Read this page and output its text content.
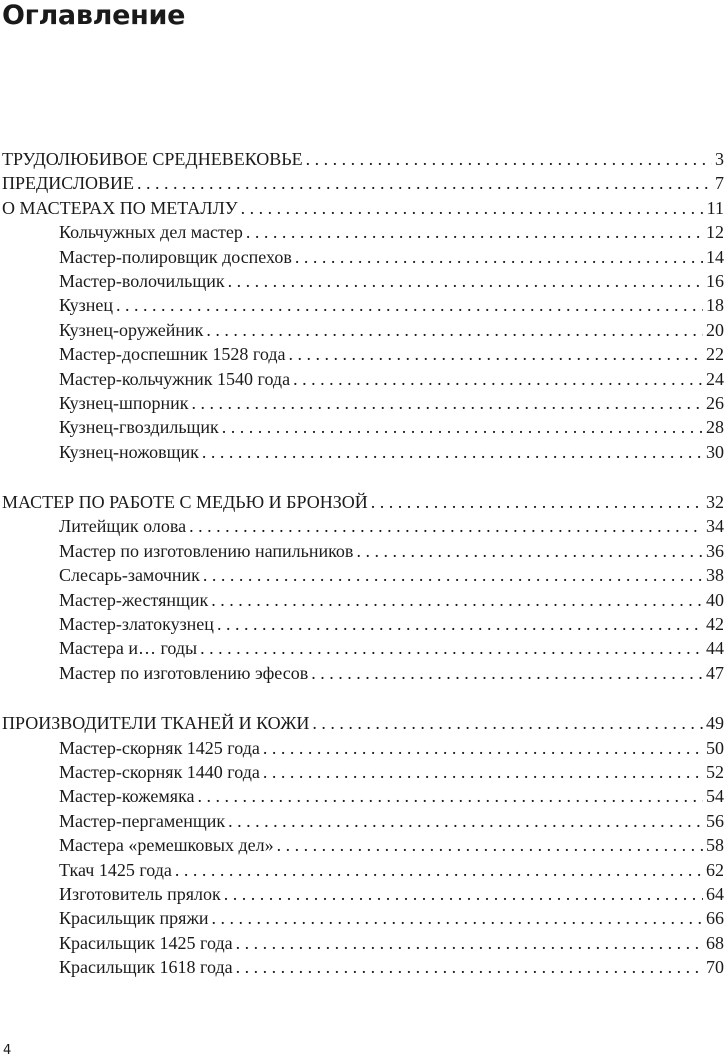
Оглавление
ТРУДОЛЮБИВОЕ СРЕДНЕВЕКОВЬЕ . . .	3
ПРЕДИСЛОВИЕ . . .	7
О МАСТЕРАХ ПО МЕТАЛЛУ . . .	11
Кольчужных дел мастер . . .	12
Мастер-полировщик доспехов . . .	14
Мастер-волочильщик . . .	16
Кузнец . . .	18
Кузнец-оружейник . . .	20
Мастер-доспешник 1528 года . . .	22
Мастер-кольчужник 1540 года . . .	24
Кузнец-шпорник . . .	26
Кузнец-гвоздильщик . . .	28
Кузнец-ножовщик . . .	30
МАСТЕР ПО РАБОТЕ С МЕДЬЮ И БРОНЗОЙ . . .	32
Литейщик олова . . .	34
Мастер по изготовлению напильников . . .	36
Слесарь-замочник . . .	38
Мастер-жестянщик . . .	40
Мастер-златокузнец . . .	42
Мастера и… годы . . .	44
Мастер по изготовлению эфесов . . .	47
ПРОИЗВОДИТЕЛИ ТКАНЕЙ И КОЖИ . . .	49
Мастер-скорняк 1425 года . . .	50
Мастер-скорняк 1440 года . . .	52
Мастер-кожемяка . . .	54
Мастер-пергаменщик . . .	56
Мастера «ремешковых дел» . . .	58
Ткач 1425 года . . .	62
Изготовитель прялок . . .	64
Красильщик пряжи . . .	66
Красильщик 1425 года . . .	68
Красильщик 1618 года . . .	70
4
